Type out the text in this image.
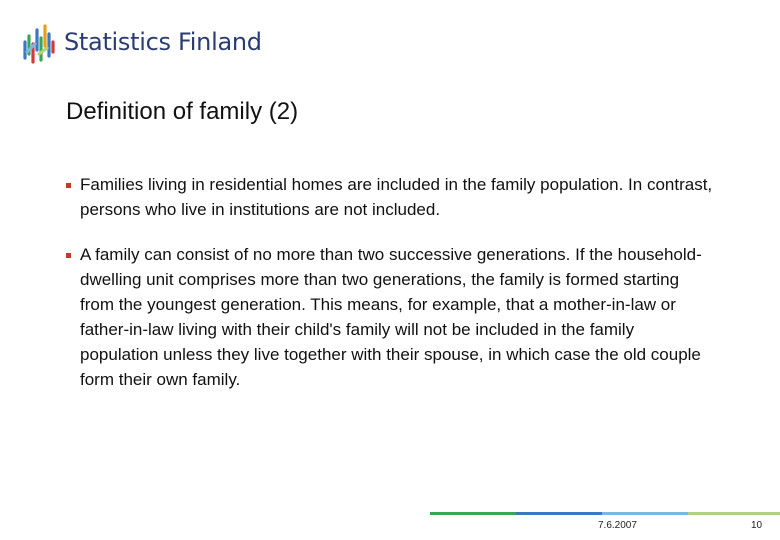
Statistics Finland
Definition of family (2)
Families living in residential homes are included in the family population. In contrast, persons who live in institutions are not included.
A family can consist of no more than two successive generations. If the household-dwelling unit comprises more than two generations, the family is formed starting from the youngest generation. This means, for example, that a mother-in-law or father-in-law living with their child's family will not be included in the family population unless they live together with their spouse, in which case the old couple form their own family.
7.6.2007	10
